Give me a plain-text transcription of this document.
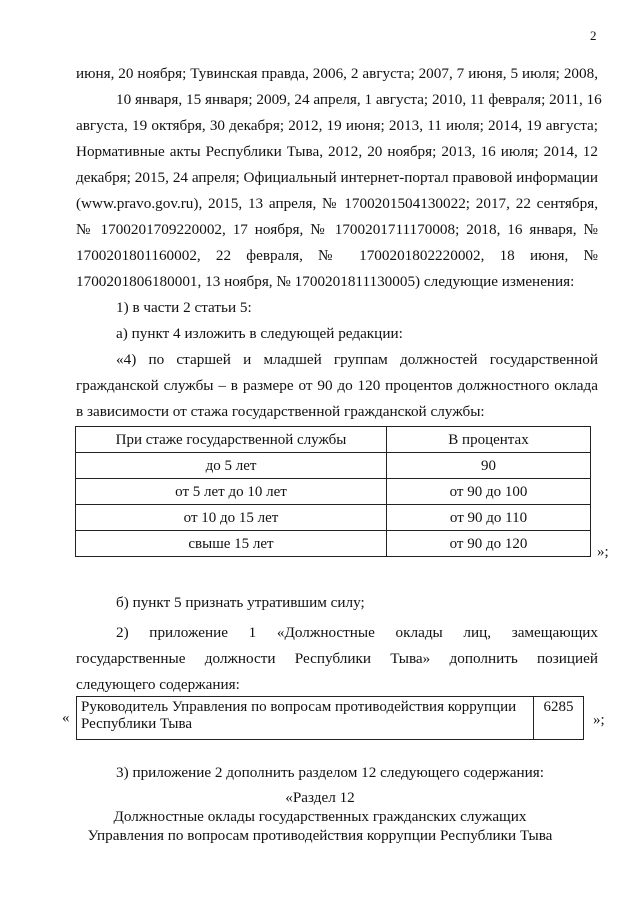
2
июня, 20 ноября; Тувинская правда, 2006, 2 августа; 2007, 7 июня, 5 июля; 2008,
10 января, 15 января; 2009, 24 апреля, 1 августа; 2010, 11 февраля; 2011, 16
августа, 19 октября, 30 декабря; 2012, 19 июня; 2013, 11 июля; 2014, 19 августа;
Нормативные акты Республики Тыва, 2012, 20 ноября; 2013, 16 июля; 2014, 12
декабря; 2015, 24 апреля; Официальный интернет-портал правовой информации
(www.pravo.gov.ru), 2015, 13 апреля, № 1700201504130022; 2017, 22 сентября,
№ 1700201709220002, 17 ноября, № 1700201711170008; 2018, 16 января, №
1700201801160002, 22 февраля, № 1700201802220002, 18 июня, №
1700201806180001, 13 ноября, № 1700201811130005) следующие изменения:
1) в части 2 статьи 5:
а) пункт 4 изложить в следующей редакции:
«4) по старшей и младшей группам должностей государственной
гражданской службы – в размере от 90 до 120 процентов должностного оклада
в зависимости от стажа государственной гражданской службы:
При стаже государственной службы	В процентах
до 5 лет	90
от 5 лет до 10 лет	от 90 до 100
от 10 до 15 лет	от 90 до 110
свыше 15 лет	от 90 до 120
»;
б) пункт 5 признать утратившим силу;
2) приложение 1 «Должностные оклады лиц, замещающих
государственные должности Республики Тыва» дополнить позицией
следующего содержания:
«
Руководитель Управления по вопросам противодействия коррупции Республики Тыва	6285
»;
3) приложение 2 дополнить разделом 12 следующего содержания:
«Раздел 12
Должностные оклады государственных гражданских служащих
Управления по вопросам противодействия коррупции Республики Тыва
